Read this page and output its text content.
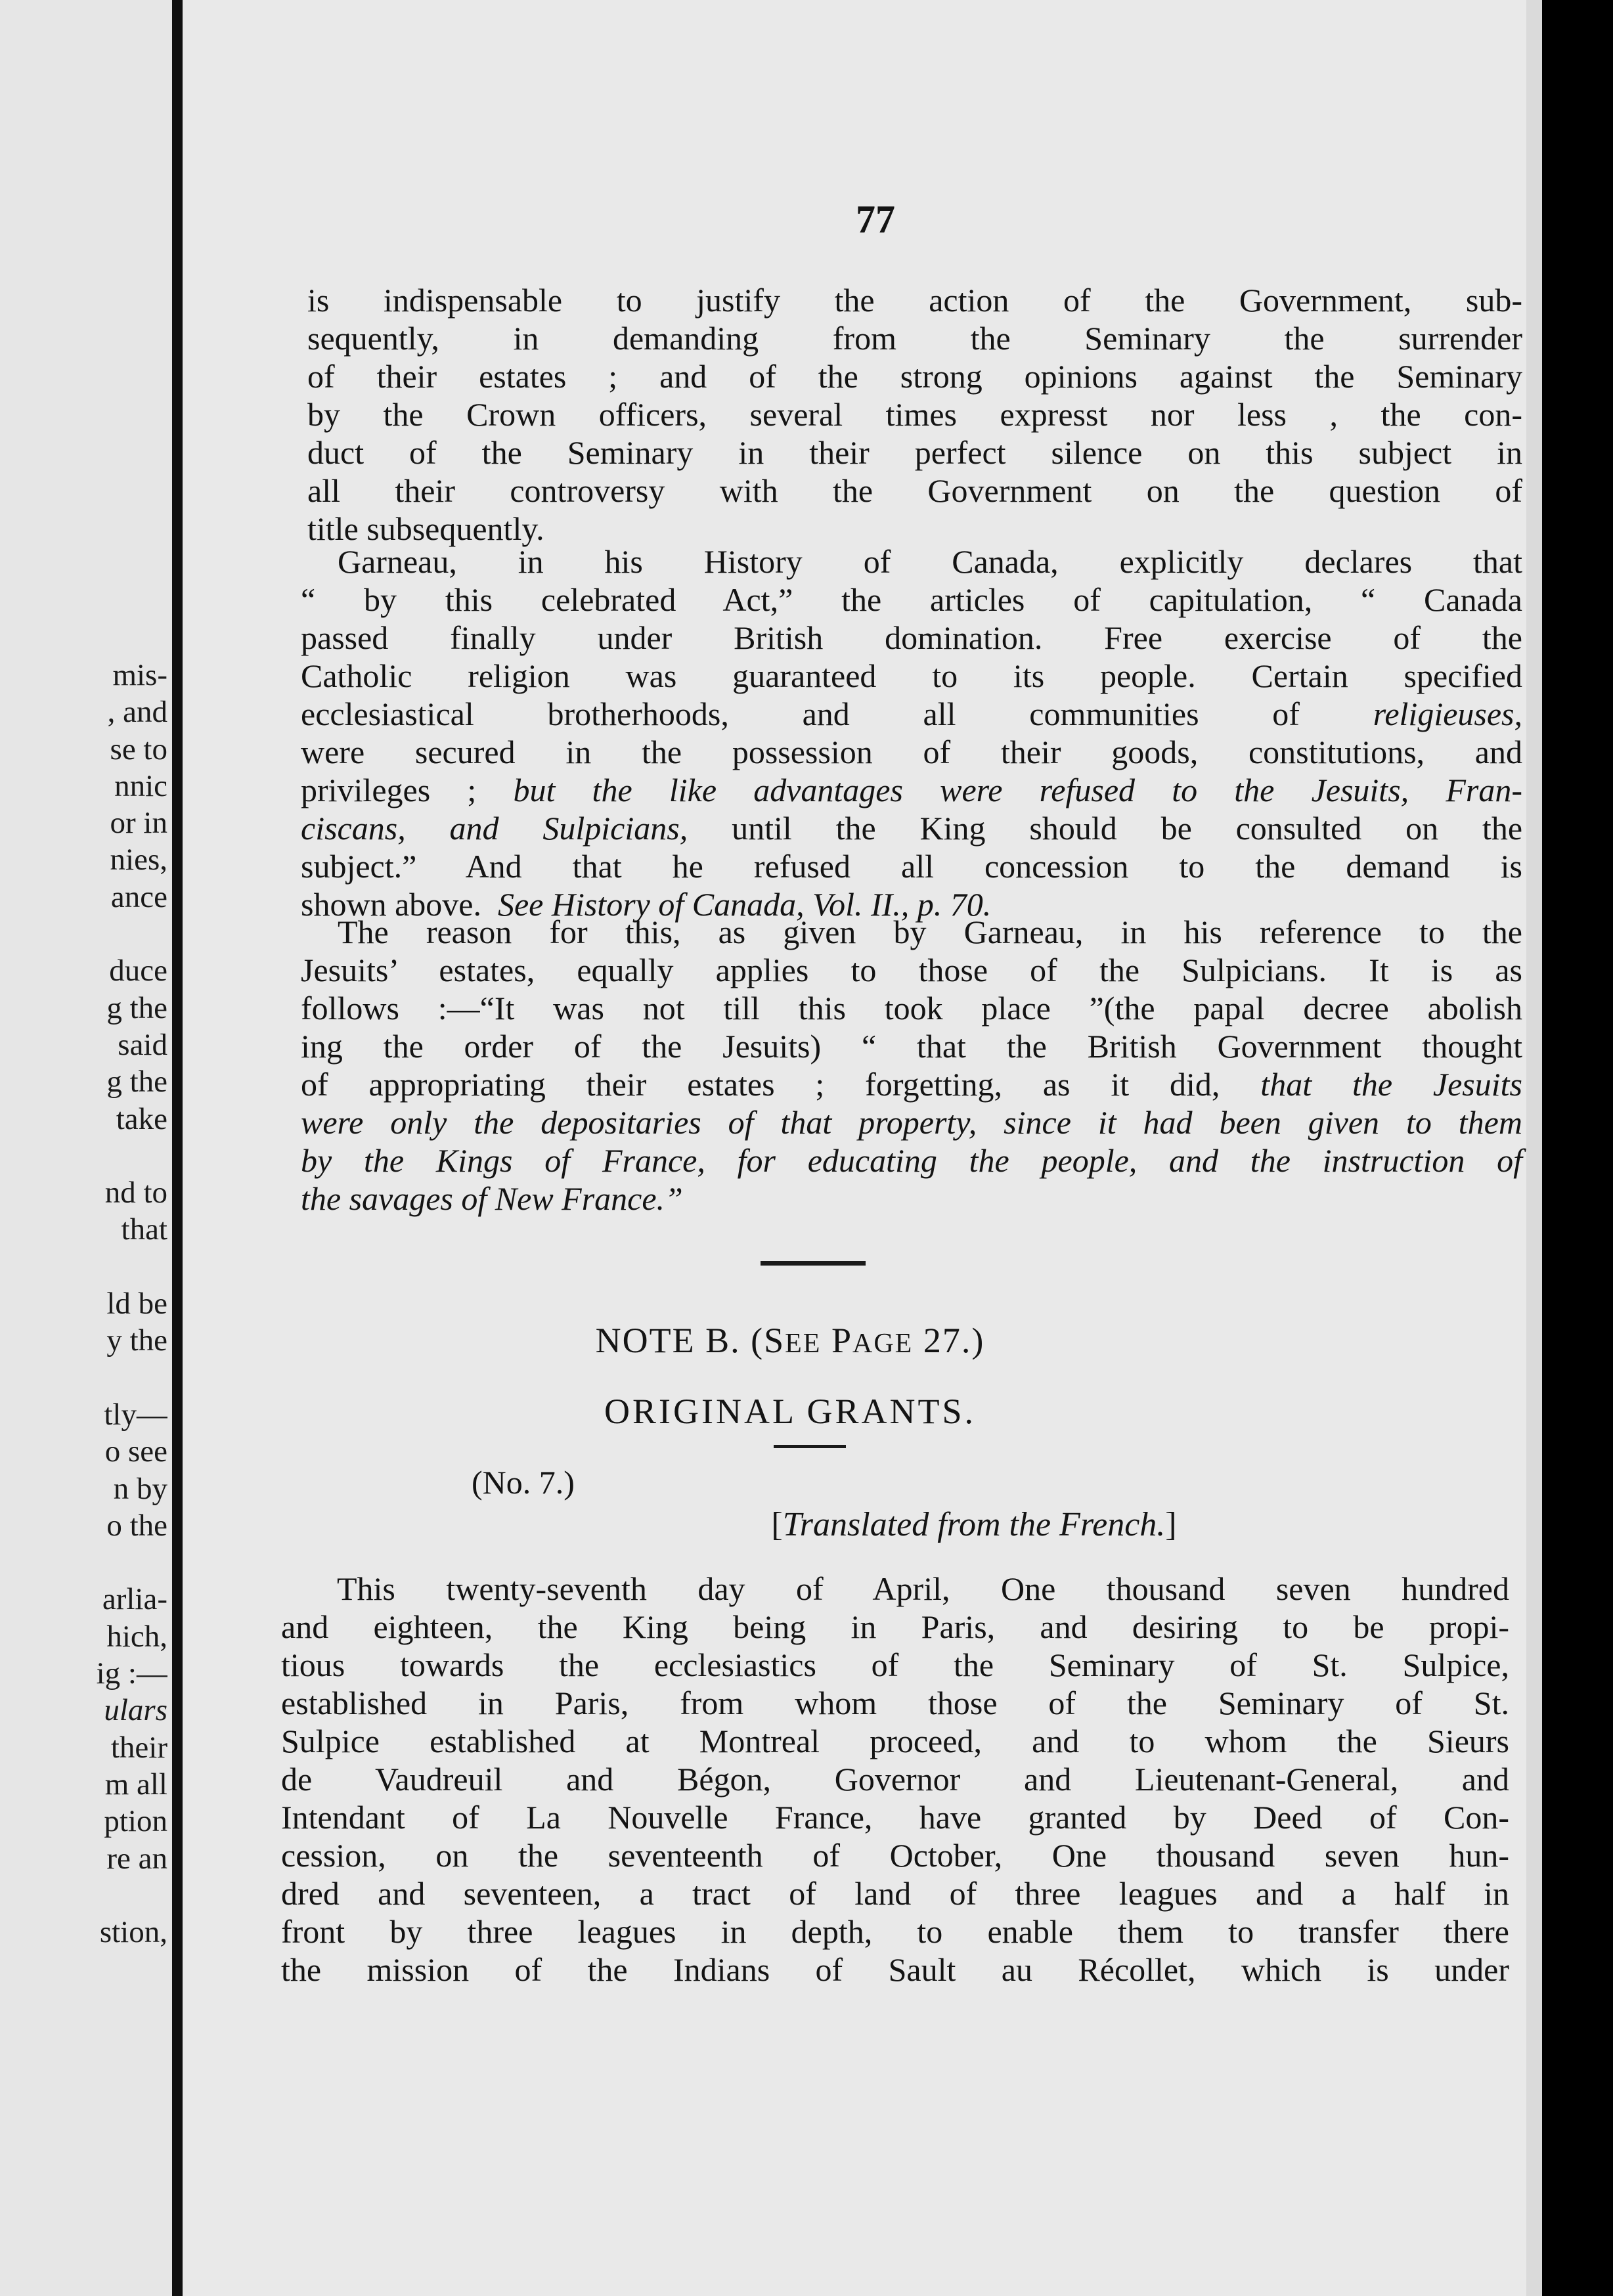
mis-
, and
se to
nnic
or in
nies,
ance
duce
g the
said
g the
take
nd to
that
ld be
y the
tly—
o see
n by
o the
arlia-
hich,
ig :—
ulars
their
m all
ption
re an
stion,
77
is indispensable to justify the action of the Government, sub-
sequently, in demanding from the Seminary the surrender
of their estates ; and of the strong opinions against the Seminary
by the Crown officers, several times expresst nor less , the con-
duct of the Seminary in their perfect silence on this subject in
all their controversy with the Government on the question of
title subsequently.
Garneau, in his History of Canada, explicitly declares that
“ by this celebrated Act,” the articles of capitulation, “ Canada
passed finally under British domination. Free exercise of the
Catholic religion was guaranteed to its people. Certain specified
ecclesiastical brotherhoods, and all communities of religieuses,
were secured in the possession of their goods, constitutions, and
privileges ; but the like advantages were refused to the Jesuits, Fran-
ciscans, and Sulpicians, until the King should be consulted on the
subject.” And that he refused all concession to the demand is
shown above. See History of Canada, Vol. II., p. 70.
The reason for this, as given by Garneau, in his reference to the
Jesuits’ estates, equally applies to those of the Sulpicians. It is as
follows :—“It was not till this took place ”(the papal decree abolish
ing the order of the Jesuits) “ that the British Government thought
of appropriating their estates ; forgetting, as it did, that the Jesuits
were only the depositaries of that property, since it had been given to them
by the Kings of France, for educating the people, and the instruction of
the savages of New France.”
NOTE B. (SEE PAGE 27.)
ORIGINAL GRANTS.
(No. 7.)
[Translated from the French.]
This twenty-seventh day of April, One thousand seven hundred
and eighteen, the King being in Paris, and desiring to be propi-
tious towards the ecclesiastics of the Seminary of St. Sulpice,
established in Paris, from whom those of the Seminary of St.
Sulpice established at Montreal proceed, and to whom the Sieurs
de Vaudreuil and Bégon, Governor and Lieutenant-General, and
Intendant of La Nouvelle France, have granted by Deed of Con-
cession, on the seventeenth of October, One thousand seven hun-
dred and seventeen, a tract of land of three leagues and a half in
front by three leagues in depth, to enable them to transfer there
the mission of the Indians of Sault au Récollet, which is under
